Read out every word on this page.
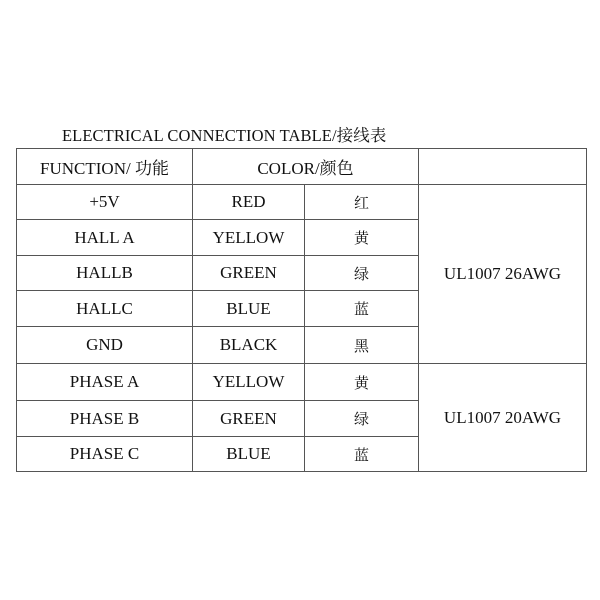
ELECTRICAL CONNECTION TABLE/接线表
FUNCTION/ 功能	COLOR/颜色		
+5V	RED	红	UL1007 26AWG
HALL A	YELLOW	黄	
HALLB	GREEN	绿	
HALLC	BLUE	蓝	
GND	BLACK	黑	
PHASE A	YELLOW	黄	UL1007 20AWG
PHASE B	GREEN	绿	
PHASE C	BLUE	蓝	
